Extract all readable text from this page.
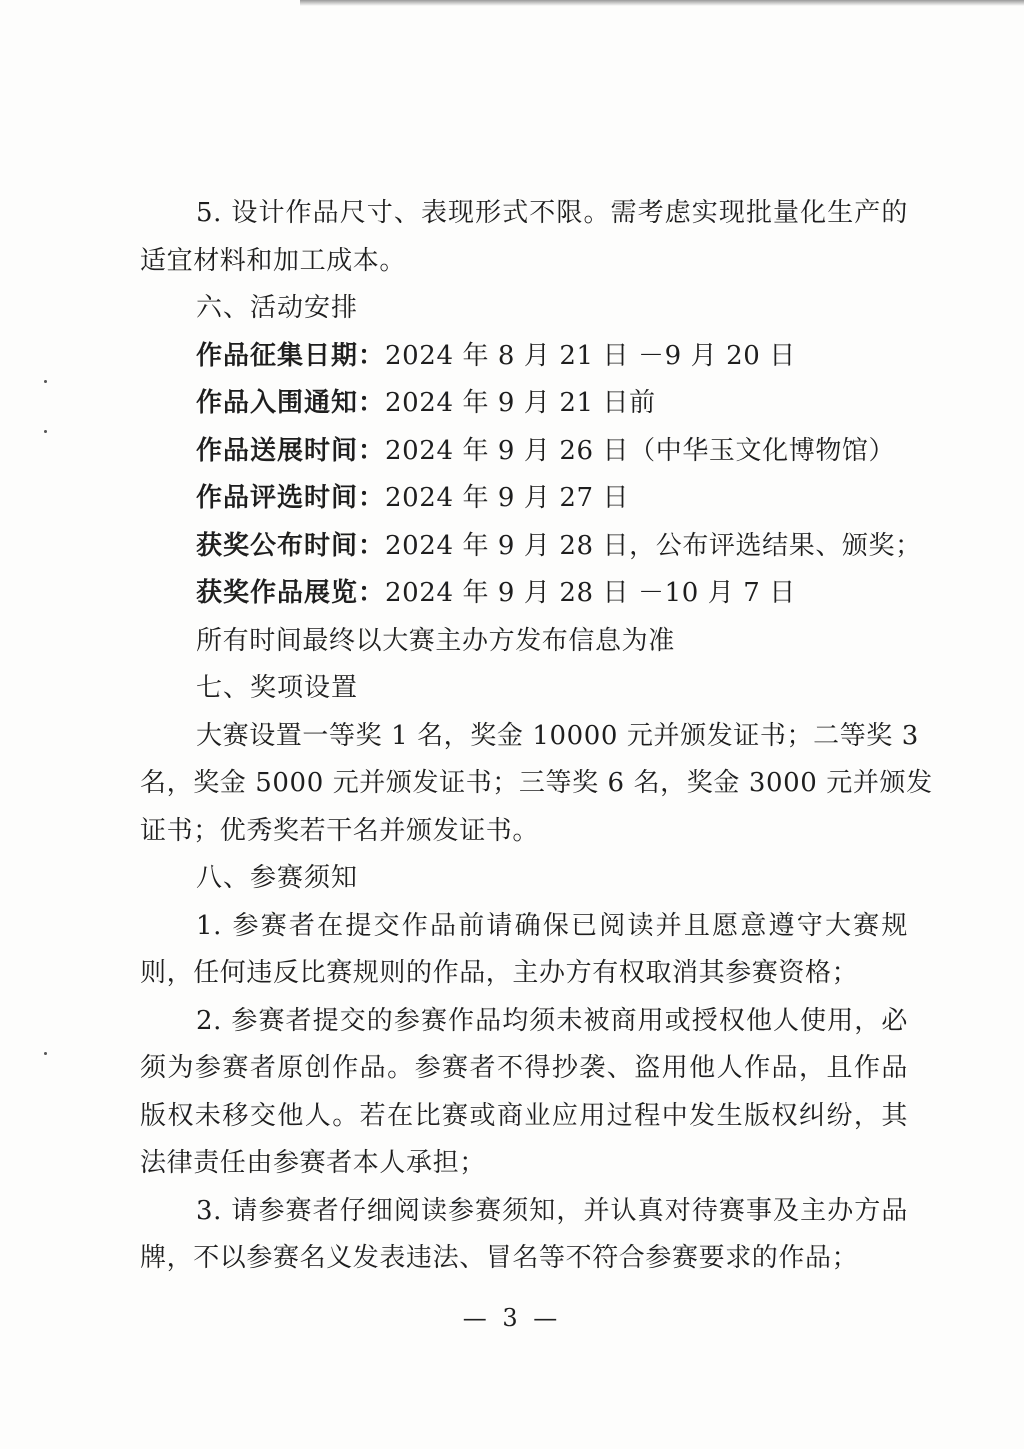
5. 设计作品尺寸、表现形式不限。需考虑实现批量化生产的
适宜材料和加工成本。
六、活动安排
作品征集日期：2024 年 8 月 21 日 －9 月 20 日
作品入围通知：2024 年 9 月 21 日前
作品送展时间：2024 年 9 月 26 日（中华玉文化博物馆）
作品评选时间：2024 年 9 月 27 日
获奖公布时间：2024 年 9 月 28 日，公布评选结果、颁奖；
获奖作品展览：2024 年 9 月 28 日 －10 月 7 日
所有时间最终以大赛主办方发布信息为准
七、奖项设置
大赛设置一等奖 1 名，奖金 10000 元并颁发证书；二等奖 3
名，奖金 5000 元并颁发证书；三等奖 6 名，奖金 3000 元并颁发
证书；优秀奖若干名并颁发证书。
八、参赛须知
1. 参赛者在提交作品前请确保已阅读并且愿意遵守大赛规
则，任何违反比赛规则的作品，主办方有权取消其参赛资格；
2. 参赛者提交的参赛作品均须未被商用或授权他人使用，必
须为参赛者原创作品。参赛者不得抄袭、盗用他人作品，且作品
版权未移交他人。若在比赛或商业应用过程中发生版权纠纷，其
法律责任由参赛者本人承担；
3. 请参赛者仔细阅读参赛须知，并认真对待赛事及主办方品
牌，不以参赛名义发表违法、冒名等不符合参赛要求的作品；
— 3 —
